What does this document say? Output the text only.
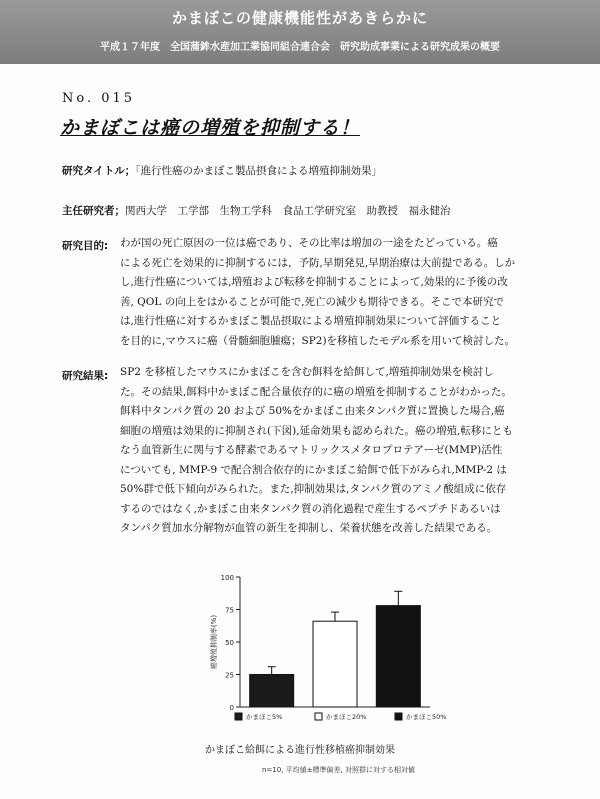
かまぼこの健康機能性があきらかに
平成１７年度　全国蒲鉾水産加工業協同組合連合会　研究助成事業による研究成果の概要
No. 015
かまぼこは癌の増殖を抑制する！
研究タイトル；「進行性癌のかまぼこ製品摂食による増殖抑制効果」
主任研究者；関西大学　工学部　生物工学科　食品工学研究室　助教授　福永健治
研究目的: わが国の死亡原因の一位は癌であり、その比率は増加の一途をたどっている。癌
による死亡を効果的に抑制するには，予防,早期発見,早期治療は大前提である。しか
し,進行性癌については,増殖および転移を抑制することによって,効果的に予後の改
善, QOL の向上をはかることが可能で,死亡の減少も期待できる。そこで本研究で
は,進行性癌に対するかまぼこ製品摂取による増殖抑制効果について評価すること
を目的に,マウスに癌（骨髄細胞腫瘍；SP2)を移植したモデル系を用いて検討した。
研究結果: SP2 を移植したマウスにかまぼこを含む餌料を給餌して,増殖抑制効果を検討し
た。その結果,餌料中かまぼこ配合量依存的に癌の増殖を抑制することがわかった。
餌料中タンパク質の 20 および 50%をかまぼこ由来タンパク質に置換した場合,癌
細胞の増殖は効果的に抑制され(下図),延命効果も認められた。癌の増殖,転移にとも
なう血管新生に関与する酵素であるマトリックスメタロプロテアーゼ(MMP)活性
についても, MMP-9 で配合割合依存的にかまぼこ給餌で低下がみられ,MMP-2 は
50%群で低下傾向がみられた。また,抑制効果は,タンパク質のアミノ酸組成に依存
するのではなく,かまぼこ由来タンパク質の消化過程で産生するペプチドあるいは
タンパク質加水分解物が血管の新生を抑制し、栄養状態を改善した結果である。
0
25
50
75
100
癌増殖抑制率(%)
かまぼこ5%	かまぼこ20%	かまぼこ50%
かまぼこ給餌による進行性移植癌抑制効果
n=10, 平均値±標準偏差, 対照群に対する相対値
